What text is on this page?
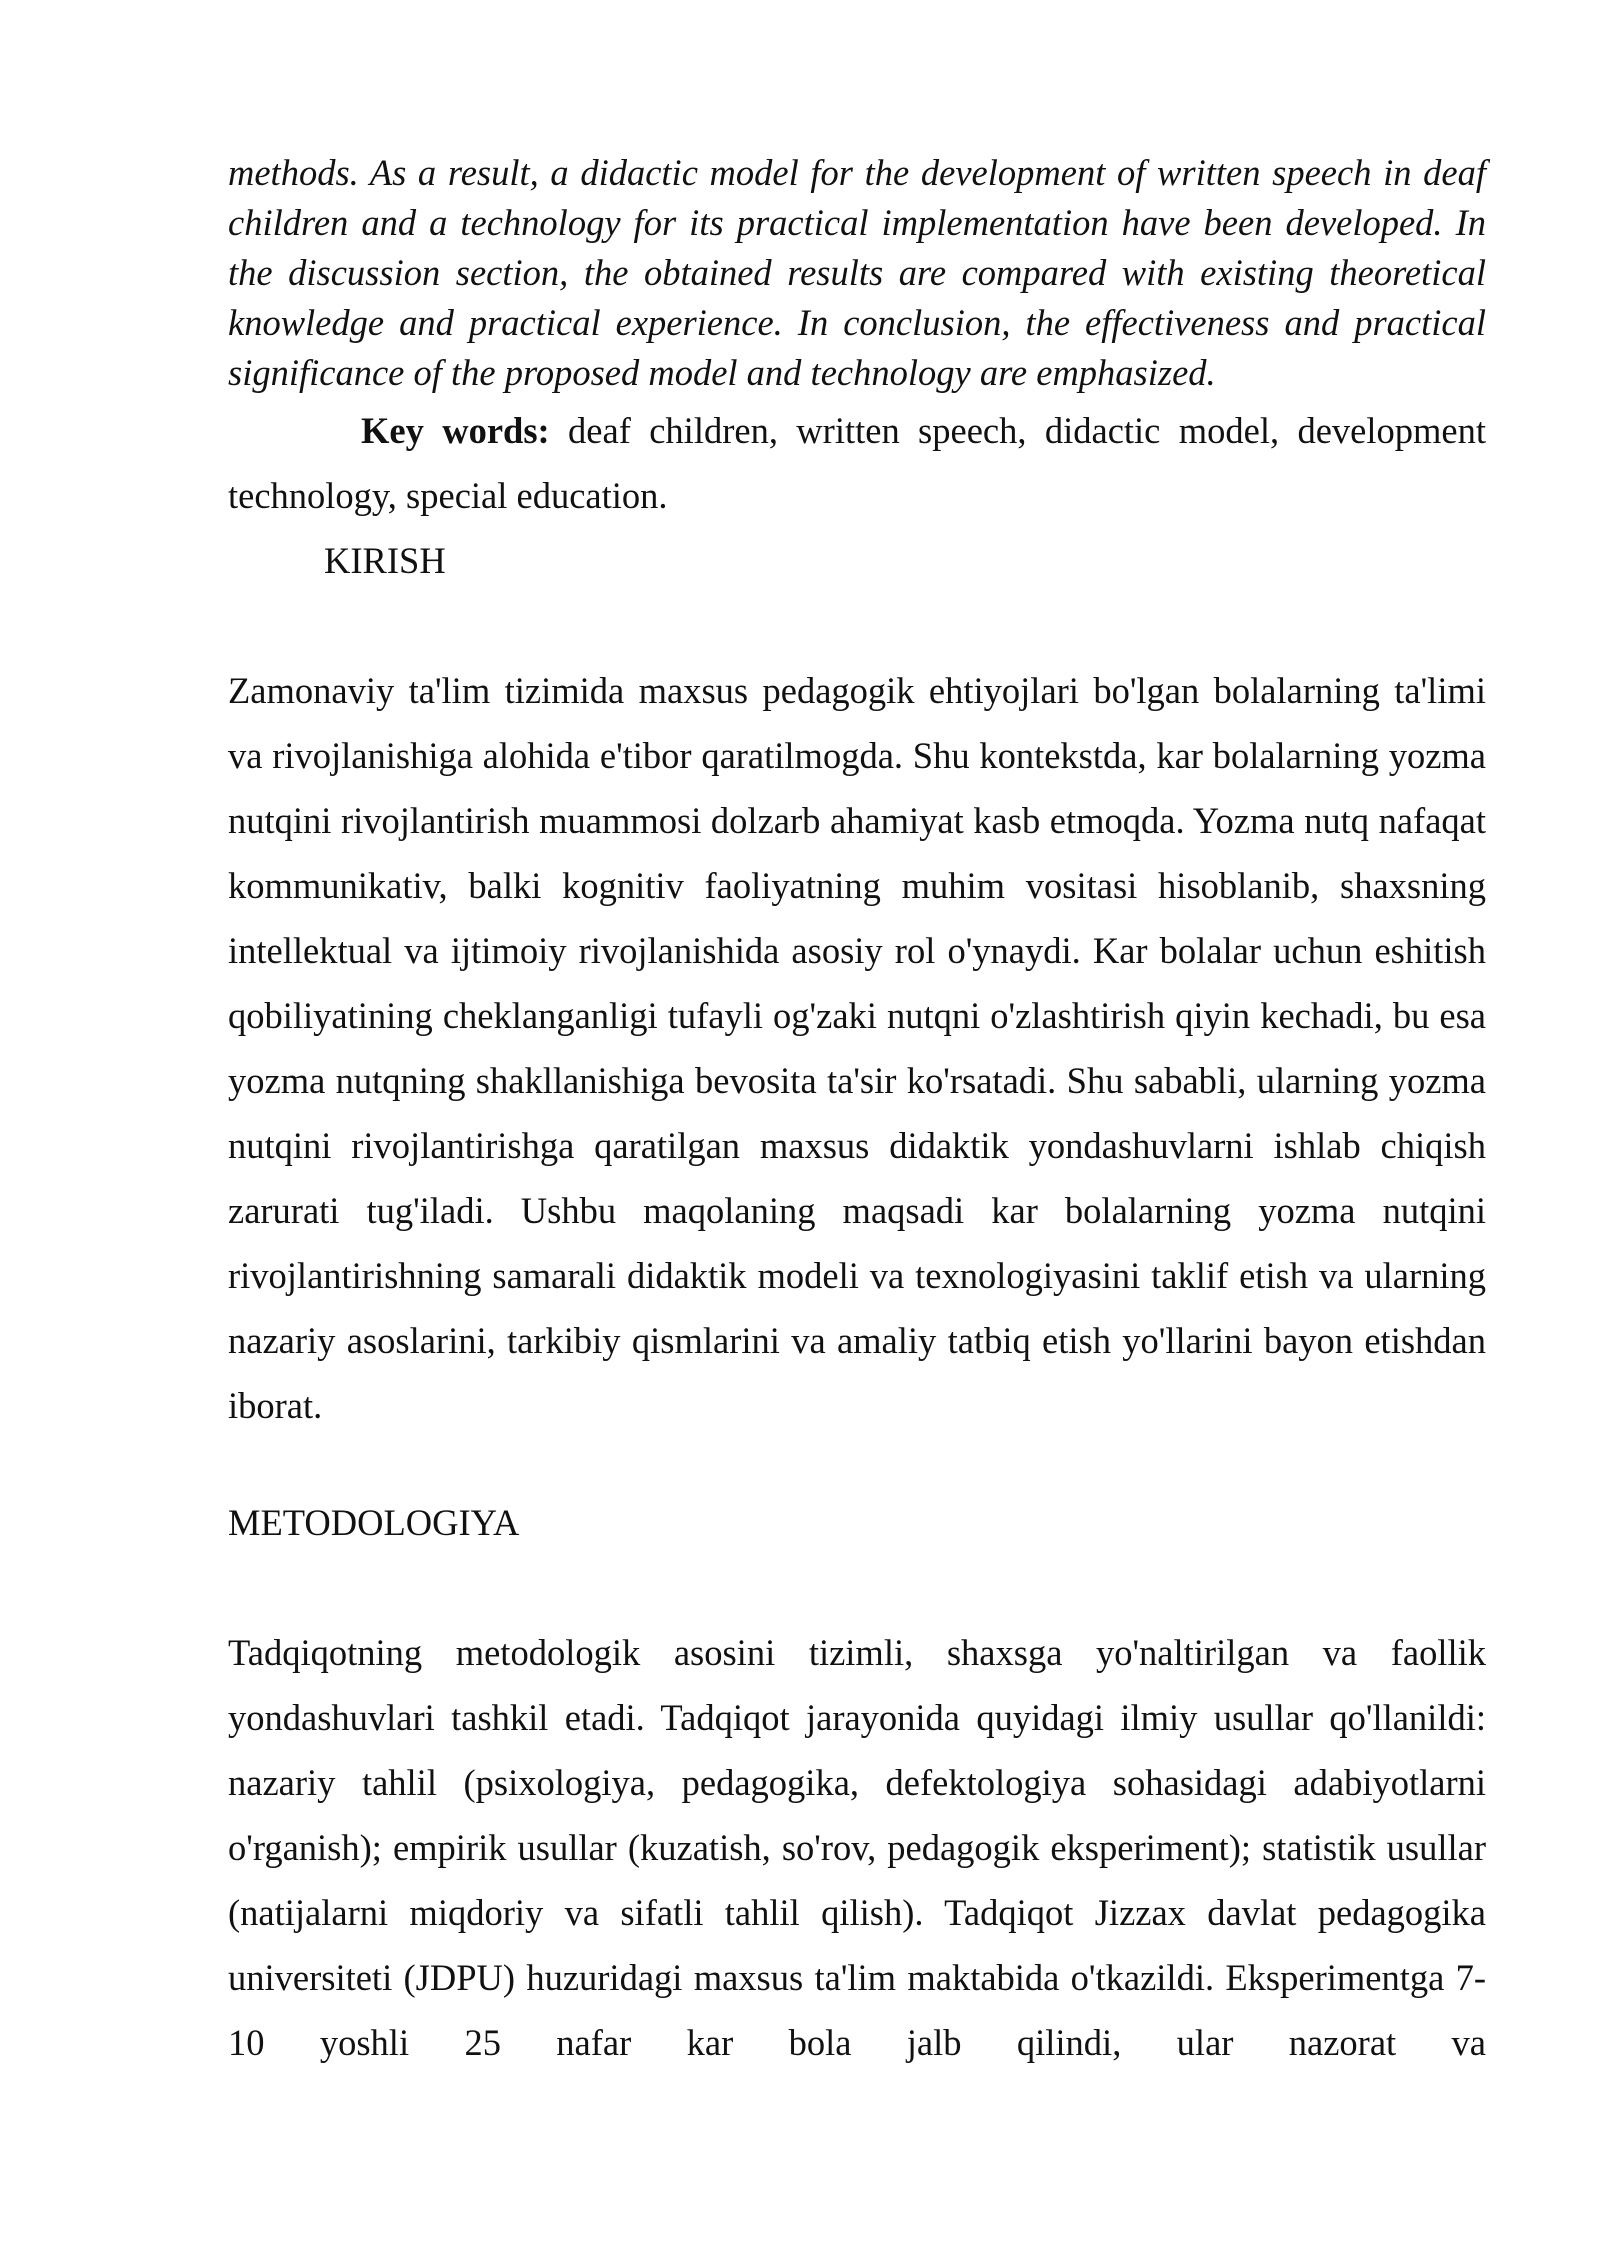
methods. As a result, a didactic model for the development of written speech in deaf children and a technology for its practical implementation have been developed. In the discussion section, the obtained results are compared with existing theoretical knowledge and practical experience. In conclusion, the effectiveness and practical significance of the proposed model and technology are emphasized.

Key words: deaf children, written speech, didactic model, development technology, special education.

KIRISH

Zamonaviy ta'lim tizimida maxsus pedagogik ehtiyojlari bo'lgan bolalarning ta'limi va rivojlanishiga alohida e'tibor qaratilmogda. Shu kontekstda, kar bolalarning yozma nutqini rivojlantirish muammosi dolzarb ahamiyat kasb etmoqda. Yozma nutq nafaqat kommunikativ, balki kognitiv faoliyatning muhim vositasi hisoblanib, shaxsning intellektual va ijtimoiy rivojlanishida asosiy rol o'ynaydi. Kar bolalar uchun eshitish qobiliyatining cheklanganligi tufayli og'zaki nutqni o'zlashtirish qiyin kechadi, bu esa yozma nutqning shakllanishiga bevosita ta'sir ko'rsatadi. Shu sababli, ularning yozma nutqini rivojlantirishga qaratilgan maxsus didaktik yondashuvlarni ishlab chiqish zarurati tug'iladi. Ushbu maqolaning maqsadi kar bolalarning yozma nutqini rivojlantirishning samarali didaktik modeli va texnologiyasini taklif etish va ularning nazariy asoslarini, tarkibiy qismlarini va amaliy tatbiq etish yo'llarini bayon etishdan iborat.

METODOLOGIYA

Tadqiqotning metodologik asosini tizimli, shaxsga yo'naltirilgan va faollik yondashuvlari tashkil etadi. Tadqiqot jarayonida quyidagi ilmiy usullar qo'llanildi: nazariy tahlil (psixologiya, pedagogika, defektologiya sohasidagi adabiyotlarni o'rganish); empirik usullar (kuzatish, so'rov, pedagogik eksperiment); statistik usullar (natijalarni miqdoriy va sifatli tahlil qilish). Tadqiqot Jizzax davlat pedagogika universiteti (JDPU) huzuridagi maxsus ta'lim maktabida o'tkazildi. Eksperimentga 7-10 yoshli 25 nafar kar bola jalb qilindi, ular nazorat va
